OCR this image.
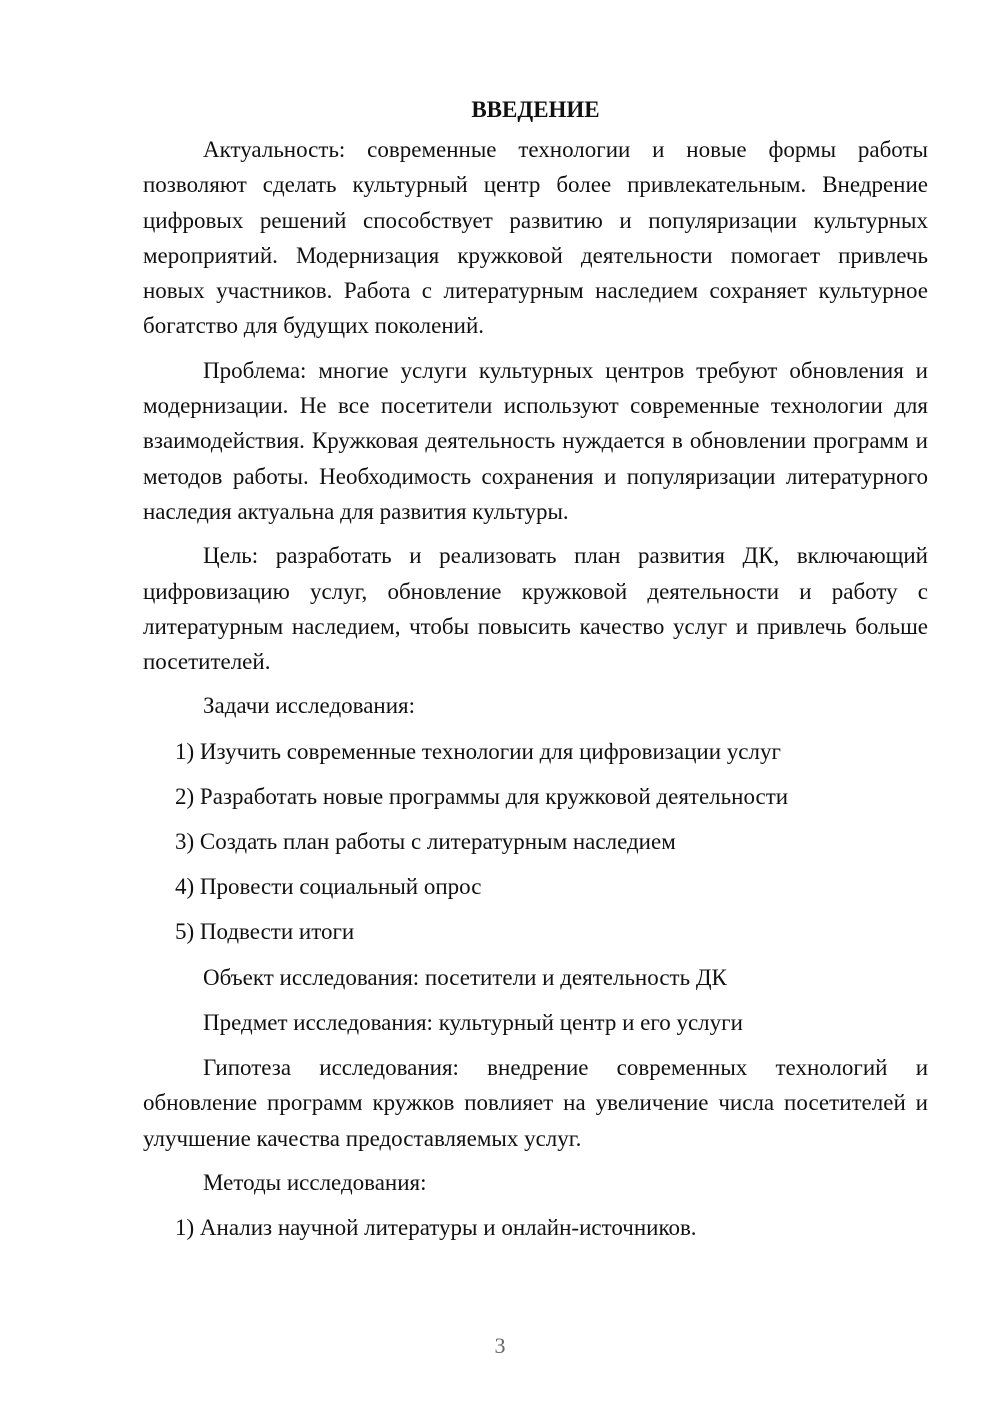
ВВЕДЕНИЕ

Актуальность: современные технологии и новые формы работы позволяют сделать культурный центр более привлекательным. Внедрение цифровых решений способствует развитию и популяризации культурных мероприятий. Модернизация кружковой деятельности помогает привлечь новых участников. Работа с литературным наследием сохраняет культурное богатство для будущих поколений.

Проблема: многие услуги культурных центров требуют обновления и модернизации. Не все посетители используют современные технологии для взаимодействия. Кружковая деятельность нуждается в обновлении программ и методов работы. Необходимость сохранения и популяризации литературного наследия актуальна для развития культуры.

Цель: разработать и реализовать план развития ДК, включающий цифровизацию услуг, обновление кружковой деятельности и работу с литературным наследием, чтобы повысить качество услуг и привлечь больше посетителей.

Задачи исследования:
1) Изучить современные технологии для цифровизации услуг
2) Разработать новые программы для кружковой деятельности
3) Создать план работы с литературным наследием
4) Провести социальный опрос
5) Подвести итоги
Объект исследования: посетители и деятельность ДК
Предмет исследования: культурный центр и его услуги

Гипотеза исследования: внедрение современных технологий и обновление программ кружков повлияет на увеличение числа посетителей и улучшение качества предоставляемых услуг.

Методы исследования:
1) Анализ научной литературы и онлайн-источников.
3
